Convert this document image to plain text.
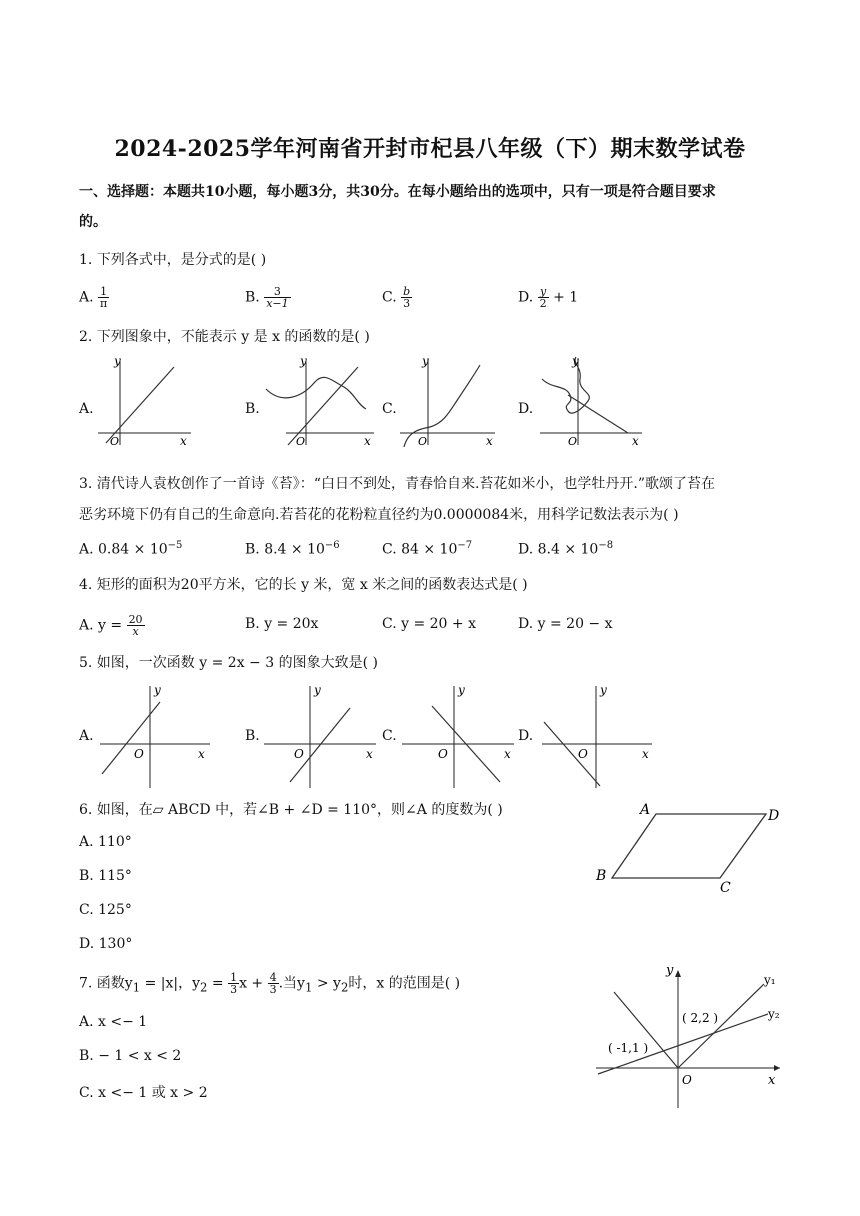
2024-2025学年河南省开封市杞县八年级（下）期末数学试卷
一、选择题：本题共10小题，每小题3分，共30分。在每小题给出的选项中，只有一项是符合题目要求
的。
1. 下列各式中，是分式的是( )
A. $\frac{1}{\pi}$	B. $\frac{3}{x-1}$	C. $\frac{b}{3}$	D. $\frac{y}{2} + 1$
2. 下列图象中，不能表示 y 是 x 的函数的是( )
A.	B.	C.	D.
y
x
O
y
x
O
y
x
O
y
x
O
3. 清代诗人袁枚创作了一首诗《苔》：“白日不到处，青春恰自来.苔花如米小，也学牡丹开.”歌颂了苔在
恶劣环境下仍有自己的生命意向.若苔花的花粉粒直径约为0.0000084米，用科学记数法表示为( )
A. $0.84 \times 10^{-5}$	B. $8.4 \times 10^{-6}$	C. $84 \times 10^{-7}$	D. $8.4 \times 10^{-8}$
4. 矩形的面积为20平方米，它的长 y 米，宽 x 米之间的函数表达式是( )
A. $y = \frac{20}{x}$	B. y = 20x	C. y = 20 + x	D. y = 20 − x
5. 如图，一次函数 y = 2x − 3 的图象大致是( )
A.	B.	C.	D.
y
x
O
y
x
O
y
x
O
y
x
O
6. 如图，在▱ ABCD 中，若∠B + ∠D = 110°，则∠A 的度数为( )
A. 110°
B. 115°
C. 125°
D. 130°
A
B
C
D
7. 函数$y_1 = |x|$，$y_2 = \frac{1}{3}$ $x + \frac{4}{3}$ .当$y_1 > y_2$时，x 的范围是( )
A. x <− 1
B. − 1 < x < 2
C. x <− 1 或 x > 2
y
x
O
y₁
y₂
( 2,2 )
( -1,1 )
